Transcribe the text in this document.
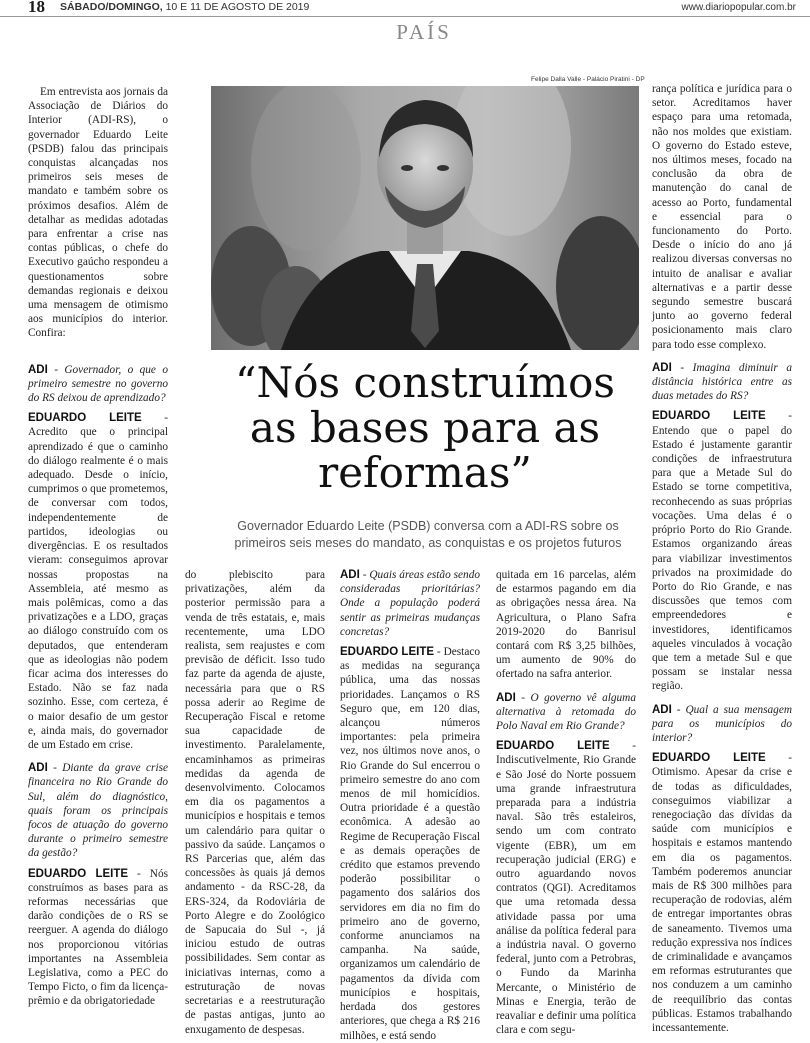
18 SÁBADO/DOMINGO, 10 E 11 DE AGOSTO DE 2019	www.diariopopular.com.br
PAÍS
Felipe Dalla Valle - Palácio Piratini - DP
“Nós construímos as bases para as reformas”
Governador Eduardo Leite (PSDB) conversa com a ADI-RS sobre os primeiros seis meses do mandato, as conquistas e os projetos futuros

Em entrevista aos jornais da Associação de Diários do Interior (ADI-RS), o governador Eduardo Leite (PSDB) falou das principais conquistas alcançadas nos primeiros seis meses de mandato e também sobre os próximos desafios. Além de detalhar as medidas adotadas para enfrentar a crise nas contas públicas, o chefe do Executivo gaúcho respondeu a questionamentos sobre demandas regionais e deixou uma mensagem de otimismo aos municípios do interior. Confira:

ADI - Governador, o que o primeiro semestre no governo do RS deixou de aprendizado?

EDUARDO LEITE - Acredito que o principal aprendizado é que o caminho do diálogo realmente é o mais adequado. Desde o início, cumprimos o que prometemos, de conversar com todos, independentemente de partidos, ideologias ou divergências. E os resultados vieram: conseguimos aprovar nossas propostas na Assembleia, até mesmo as mais polêmicas, como a das privatizações e a LDO, graças ao diálogo construído com os deputados, que entenderam que as ideologias não podem ficar acima dos interesses do Estado. Não se faz nada sozinho. Esse, com certeza, é o maior desafio de um gestor e, ainda mais, do governador de um Estado em crise.

ADI - Diante da grave crise financeira no Rio Grande do Sul, além do diagnóstico, quais foram os principais focos de atuação do governo durante o primeiro semestre da gestão?

EDUARDO LEITE - Nós construímos as bases para as reformas necessárias que darão condições de o RS se reerguer. A agenda do diálogo nos proporcionou vitórias importantes na Assembleia Legislativa, como a PEC do Tempo Ficto, o fim da licença-prêmio e da obrigatoriedade

do plebiscito para privatizações, além da posterior permissão para a venda de três estatais, e, mais recentemente, uma LDO realista, sem reajustes e com previsão de déficit. Isso tudo faz parte da agenda de ajuste, necessária para que o RS possa aderir ao Regime de Recuperação Fiscal e retome sua capacidade de investimento. Paralelamente, encaminhamos as primeiras medidas da agenda de desenvolvimento. Colocamos em dia os pagamentos a municípios e hospitais e temos um calendário para quitar o passivo da saúde. Lançamos o RS Parcerias que, além das concessões às quais já demos andamento - da RSC-28, da ERS-324, da Rodoviária de Porto Alegre e do Zoológico de Sapucaia do Sul -, já iniciou estudo de outras possibilidades. Sem contar as iniciativas internas, como a estruturação de novas secretarias e a reestruturação de pastas antigas, junto ao enxugamento de despesas.

ADI - Quais áreas estão sendo consideradas prioritárias? Onde a população poderá sentir as primeiras mudanças concretas?

EDUARDO LEITE - Destaco as medidas na segurança pública, uma das nossas prioridades. Lançamos o RS Seguro que, em 120 dias, alcançou números importantes: pela primeira vez, nos últimos nove anos, o Rio Grande do Sul encerrou o primeiro semestre do ano com menos de mil homicídios. Outra prioridade é a questão econômica. A adesão ao Regime de Recuperação Fiscal e as demais operações de crédito que estamos prevendo poderão possibilitar o pagamento dos salários dos servidores em dia no fim do primeiro ano de governo, conforme anunciamos na campanha. Na saúde, organizamos um calendário de pagamentos da dívida com municípios e hospitais, herdada dos gestores anteriores, que chega a R$ 216 milhões, e está sendo

quitada em 16 parcelas, além de estarmos pagando em dia as obrigações nessa área. Na Agricultura, o Plano Safra 2019-2020 do Banrisul contará com R$ 3,25 bilhões, um aumento de 90% do ofertado na safra anterior.

ADI - O governo vê alguma alternativa à retomada do Polo Naval em Rio Grande?

EDUARDO LEITE - Indiscutivelmente, Rio Grande e São José do Norte possuem uma grande infraestrutura preparada para a indústria naval. São três estaleiros, sendo um com contrato vigente (EBR), um em recuperação judicial (ERG) e outro aguardando novos contratos (QGI). Acreditamos que uma retomada dessa atividade passa por uma análise da política federal para a indústria naval. O governo federal, junto com a Petrobras, o Fundo da Marinha Mercante, o Ministério de Minas e Energia, terão de reavaliar e definir uma política clara e com segu-

rança política e jurídica para o setor. Acreditamos haver espaço para uma retomada, não nos moldes que existiam. O governo do Estado esteve, nos últimos meses, focado na conclusão da obra de manutenção do canal de acesso ao Porto, fundamental e essencial para o funcionamento do Porto. Desde o início do ano já realizou diversas conversas no intuito de analisar e avaliar alternativas e a partir desse segundo semestre buscará junto ao governo federal posicionamento mais claro para todo esse complexo.

ADI - Imagina diminuir a distância histórica entre as duas metades do RS?

EDUARDO LEITE - Entendo que o papel do Estado é justamente garantir condições de infraestrutura para que a Metade Sul do Estado se torne competitiva, reconhecendo as suas próprias vocações. Uma delas é o próprio Porto do Rio Grande. Estamos organizando áreas para viabilizar investimentos privados na proximidade do Porto do Rio Grande, e nas discussões que temos com empreendedores e investidores, identificamos aqueles vinculados à vocação que tem a metade Sul e que possam se instalar nessa região.

ADI - Qual a sua mensagem para os municípios do interior?

EDUARDO LEITE - Otimismo. Apesar da crise e de todas as dificuldades, conseguimos viabilizar a renegociação das dívidas da saúde com municípios e hospitais e estamos mantendo em dia os pagamentos. Também poderemos anunciar mais de R$ 300 milhões para recuperação de rodovias, além de entregar importantes obras de saneamento. Tivemos uma redução expressiva nos índices de criminalidade e avançamos em reformas estruturantes que nos conduzem a um caminho de reequilíbrio das contas públicas. Estamos trabalhando incessantemente.
